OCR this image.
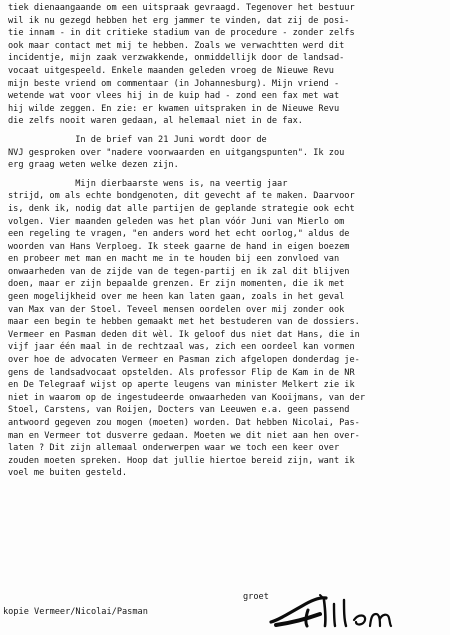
tiek dienaangaande om een uitspraak gevraagd. Tegenover het bestuur
wil ik nu gezegd hebben het erg jammer te vinden, dat zij de posi-
tie innam - in dit critieke stadium van de procedure - zonder zelfs
ook maar contact met mij te hebben. Zoals we verwachtten werd dit
incidentje, mijn zaak verzwakkende, onmiddellijk door de landsad-
vocaat uitgespeeld. Enkele maanden geleden vroeg de Nieuwe Revu
mijn beste vriend om commentaar (in Johannesburg). Mijn vriend -
wetende wat voor vlees hij in de kuip had - zond een fax met wat
hij wilde zeggen. En zie: er kwamen uitspraken in de Nieuwe Revu
die zelfs nooit waren gedaan, al helemaal niet in de fax.
In de brief van 21 Juni wordt door de
NVJ gesproken over "nadere voorwaarden en uitgangspunten". Ik zou
erg graag weten welke dezen zijn.
Mijn dierbaarste wens is, na veertig jaar
strijd, om als echte bondgenoten, dit gevecht af te maken. Daarvoor
is, denk ik, nodig dat alle partijen de geplande strategie ook echt
volgen. Vier maanden geleden was het plan vóór Juni van Mierlo om
een regeling te vragen, "en anders word het echt oorlog," aldus de
woorden van Hans Verploeg. Ik steek gaarne de hand in eigen boezem
en probeer met man en macht me in te houden bij een zonvloed van
onwaarheden van de zijde van de tegen-partij en ik zal dit blijven
doen, maar er zijn bepaalde grenzen. Er zijn momenten, die ik met
geen mogelijkheid over me heen kan laten gaan, zoals in het geval
van Max van der Stoel. Teveel mensen oordelen over mij zonder ook
maar een begin te hebben gemaakt met het bestuderen van de dossiers.
Vermeer en Pasman deden dit wèl. Ik geloof dus niet dat Hans, die in
vijf jaar één maal in de rechtzaal was, zich een oordeel kan vormen
over hoe de advocaten Vermeer en Pasman zich afgelopen donderdag je-
gens de landsadvocaat opstelden. Als professor Flip de Kam in de NR
en De Telegraaf wijst op aperte leugens van minister Melkert zie ik
niet in waarom op de ingestudeerde onwaarheden van Kooijmans, van der
Stoel, Carstens, van Roijen, Docters van Leeuwen e.a. geen passend
antwoord gegeven zou mogen (moeten) worden. Dat hebben Nicolai, Pas-
man en Vermeer tot dusverre gedaan. Moeten we dit niet aan hen over-
laten ? Dit zijn allemaal onderwerpen waar we toch een keer over
zouden moeten spreken. Hoop dat jullie hiertoe bereid zijn, want ik
voel me buiten gesteld.
groet
kopie Vermeer/Nicolai/Pasman
